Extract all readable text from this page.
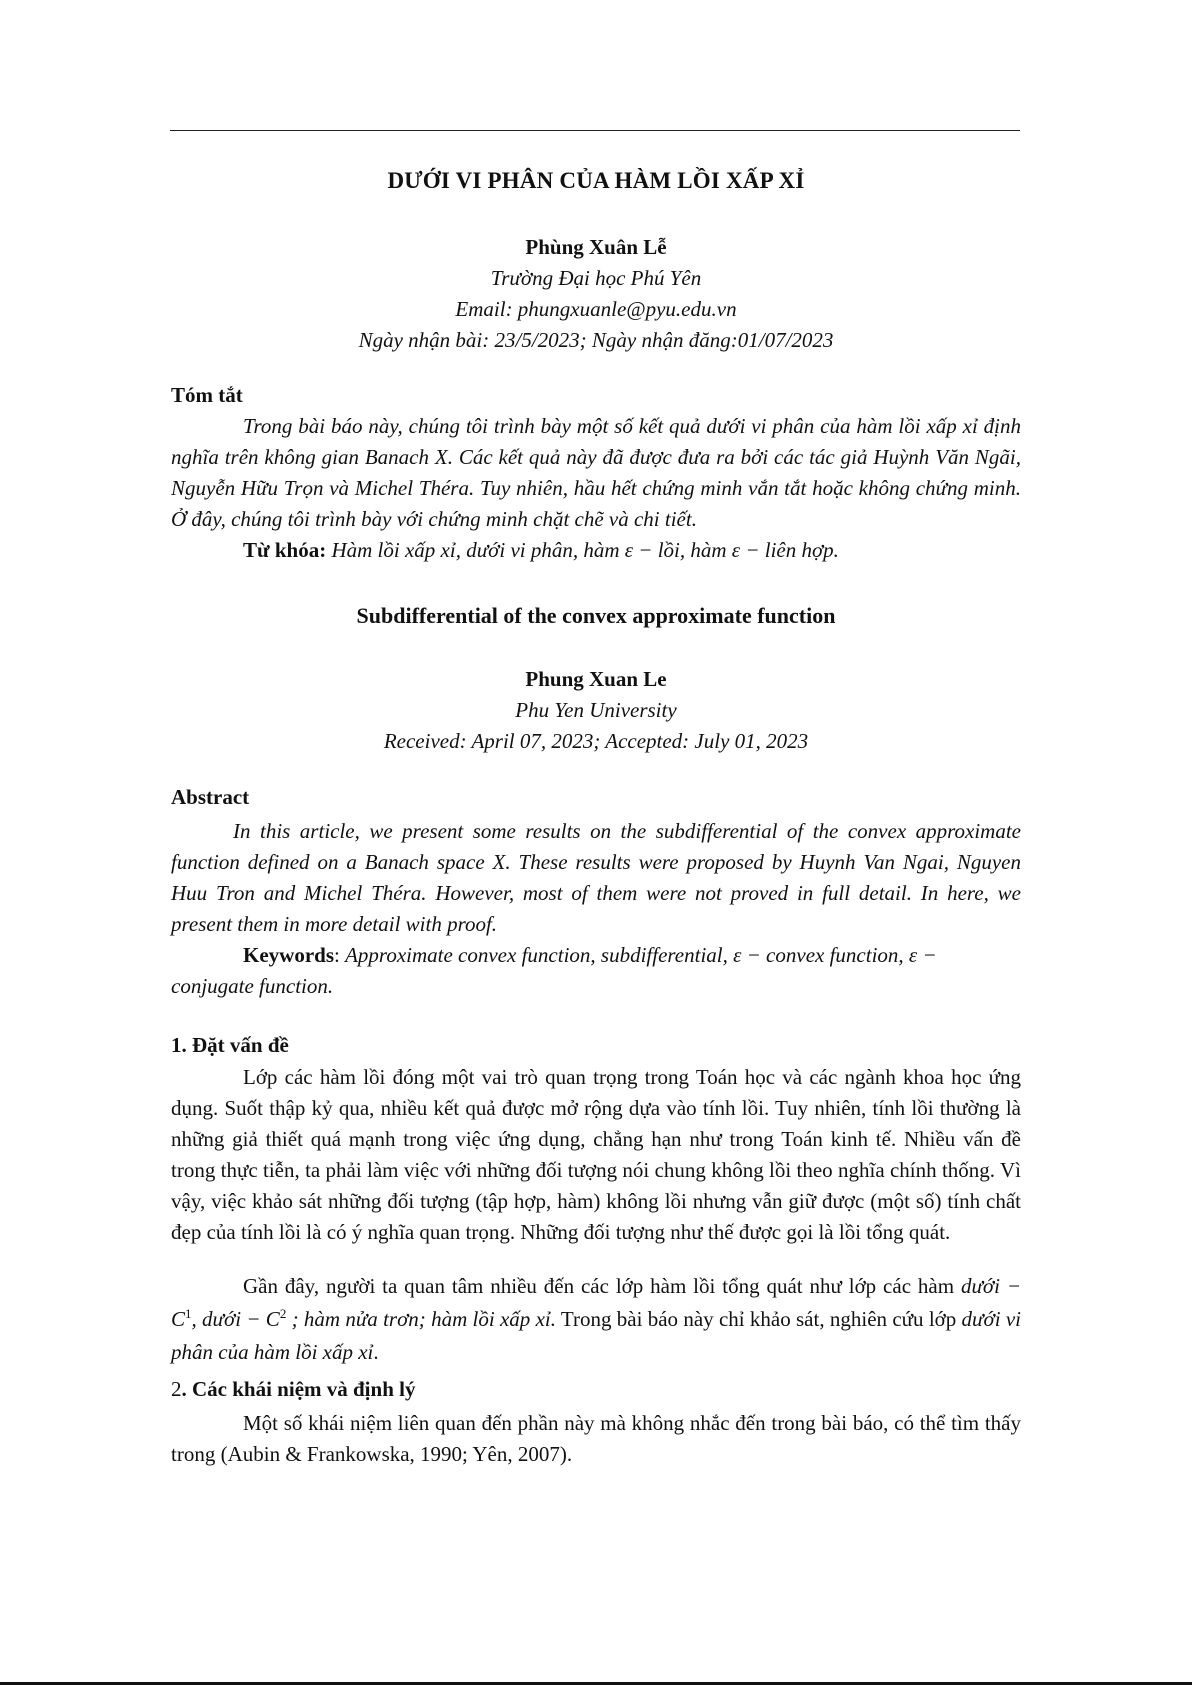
DƯỚI VI PHÂN CỦA HÀM LỒI XẤP XỈ
Phùng Xuân Lễ
Trường Đại học Phú Yên
Email: phungxuanle@pyu.edu.vn
Ngày nhận bài: 23/5/2023; Ngày nhận đăng:01/07/2023
Tóm tắt
Trong bài báo này, chúng tôi trình bày một số kết quả dưới vi phân của hàm lồi xấp xỉ định nghĩa trên không gian Banach X. Các kết quả này đã được đưa ra bởi các tác giả Huỳnh Văn Ngãi, Nguyễn Hữu Trọn và Michel Théra. Tuy nhiên, hầu hết chứng minh vắn tắt hoặc không chứng minh. Ở đây, chúng tôi trình bày với chứng minh chặt chẽ và chi tiết.
Từ khóa: Hàm lồi xấp xỉ, dưới vi phân, hàm ε − lồi, hàm ε − liên hợp.
Subdifferential of the convex approximate function
Phung Xuan Le
Phu Yen University
Received: April 07, 2023; Accepted: July 01, 2023
Abstract
In this article, we present some results on the subdifferential of the convex approximate function defined on a Banach space X. These results were proposed by Huynh Van Ngai, Nguyen Huu Tron and Michel Théra. However, most of them were not proved in full detail. In here, we present them in more detail with proof.
Keywords: Approximate convex function, subdifferential, ε − convex function, ε − conjugate function.
1. Đặt vấn đề
Lớp các hàm lồi đóng một vai trò quan trọng trong Toán học và các ngành khoa học ứng dụng. Suốt thập kỷ qua, nhiều kết quả được mở rộng dựa vào tính lồi. Tuy nhiên, tính lồi thường là những giả thiết quá mạnh trong việc ứng dụng, chẳng hạn như trong Toán kinh tế. Nhiều vấn đề trong thực tiễn, ta phải làm việc với những đối tượng nói chung không lồi theo nghĩa chính thống. Vì vậy, việc khảo sát những đối tượng (tập hợp, hàm) không lồi nhưng vẫn giữ được (một số) tính chất đẹp của tính lồi là có ý nghĩa quan trọng. Những đối tượng như thế được gọi là lồi tổng quát.
Gần đây, người ta quan tâm nhiều đến các lớp hàm lồi tổng quát như lớp các hàm dưới − $C^1$, dưới − $C^2$ ; hàm nửa trơn; hàm lồi xấp xỉ. Trong bài báo này chỉ khảo sát, nghiên cứu lớp dưới vi phân của hàm lồi xấp xỉ.
2. Các khái niệm và định lý
Một số khái niệm liên quan đến phần này mà không nhắc đến trong bài báo, có thể tìm thấy trong (Aubin & Frankowska, 1990; Yên, 2007).
